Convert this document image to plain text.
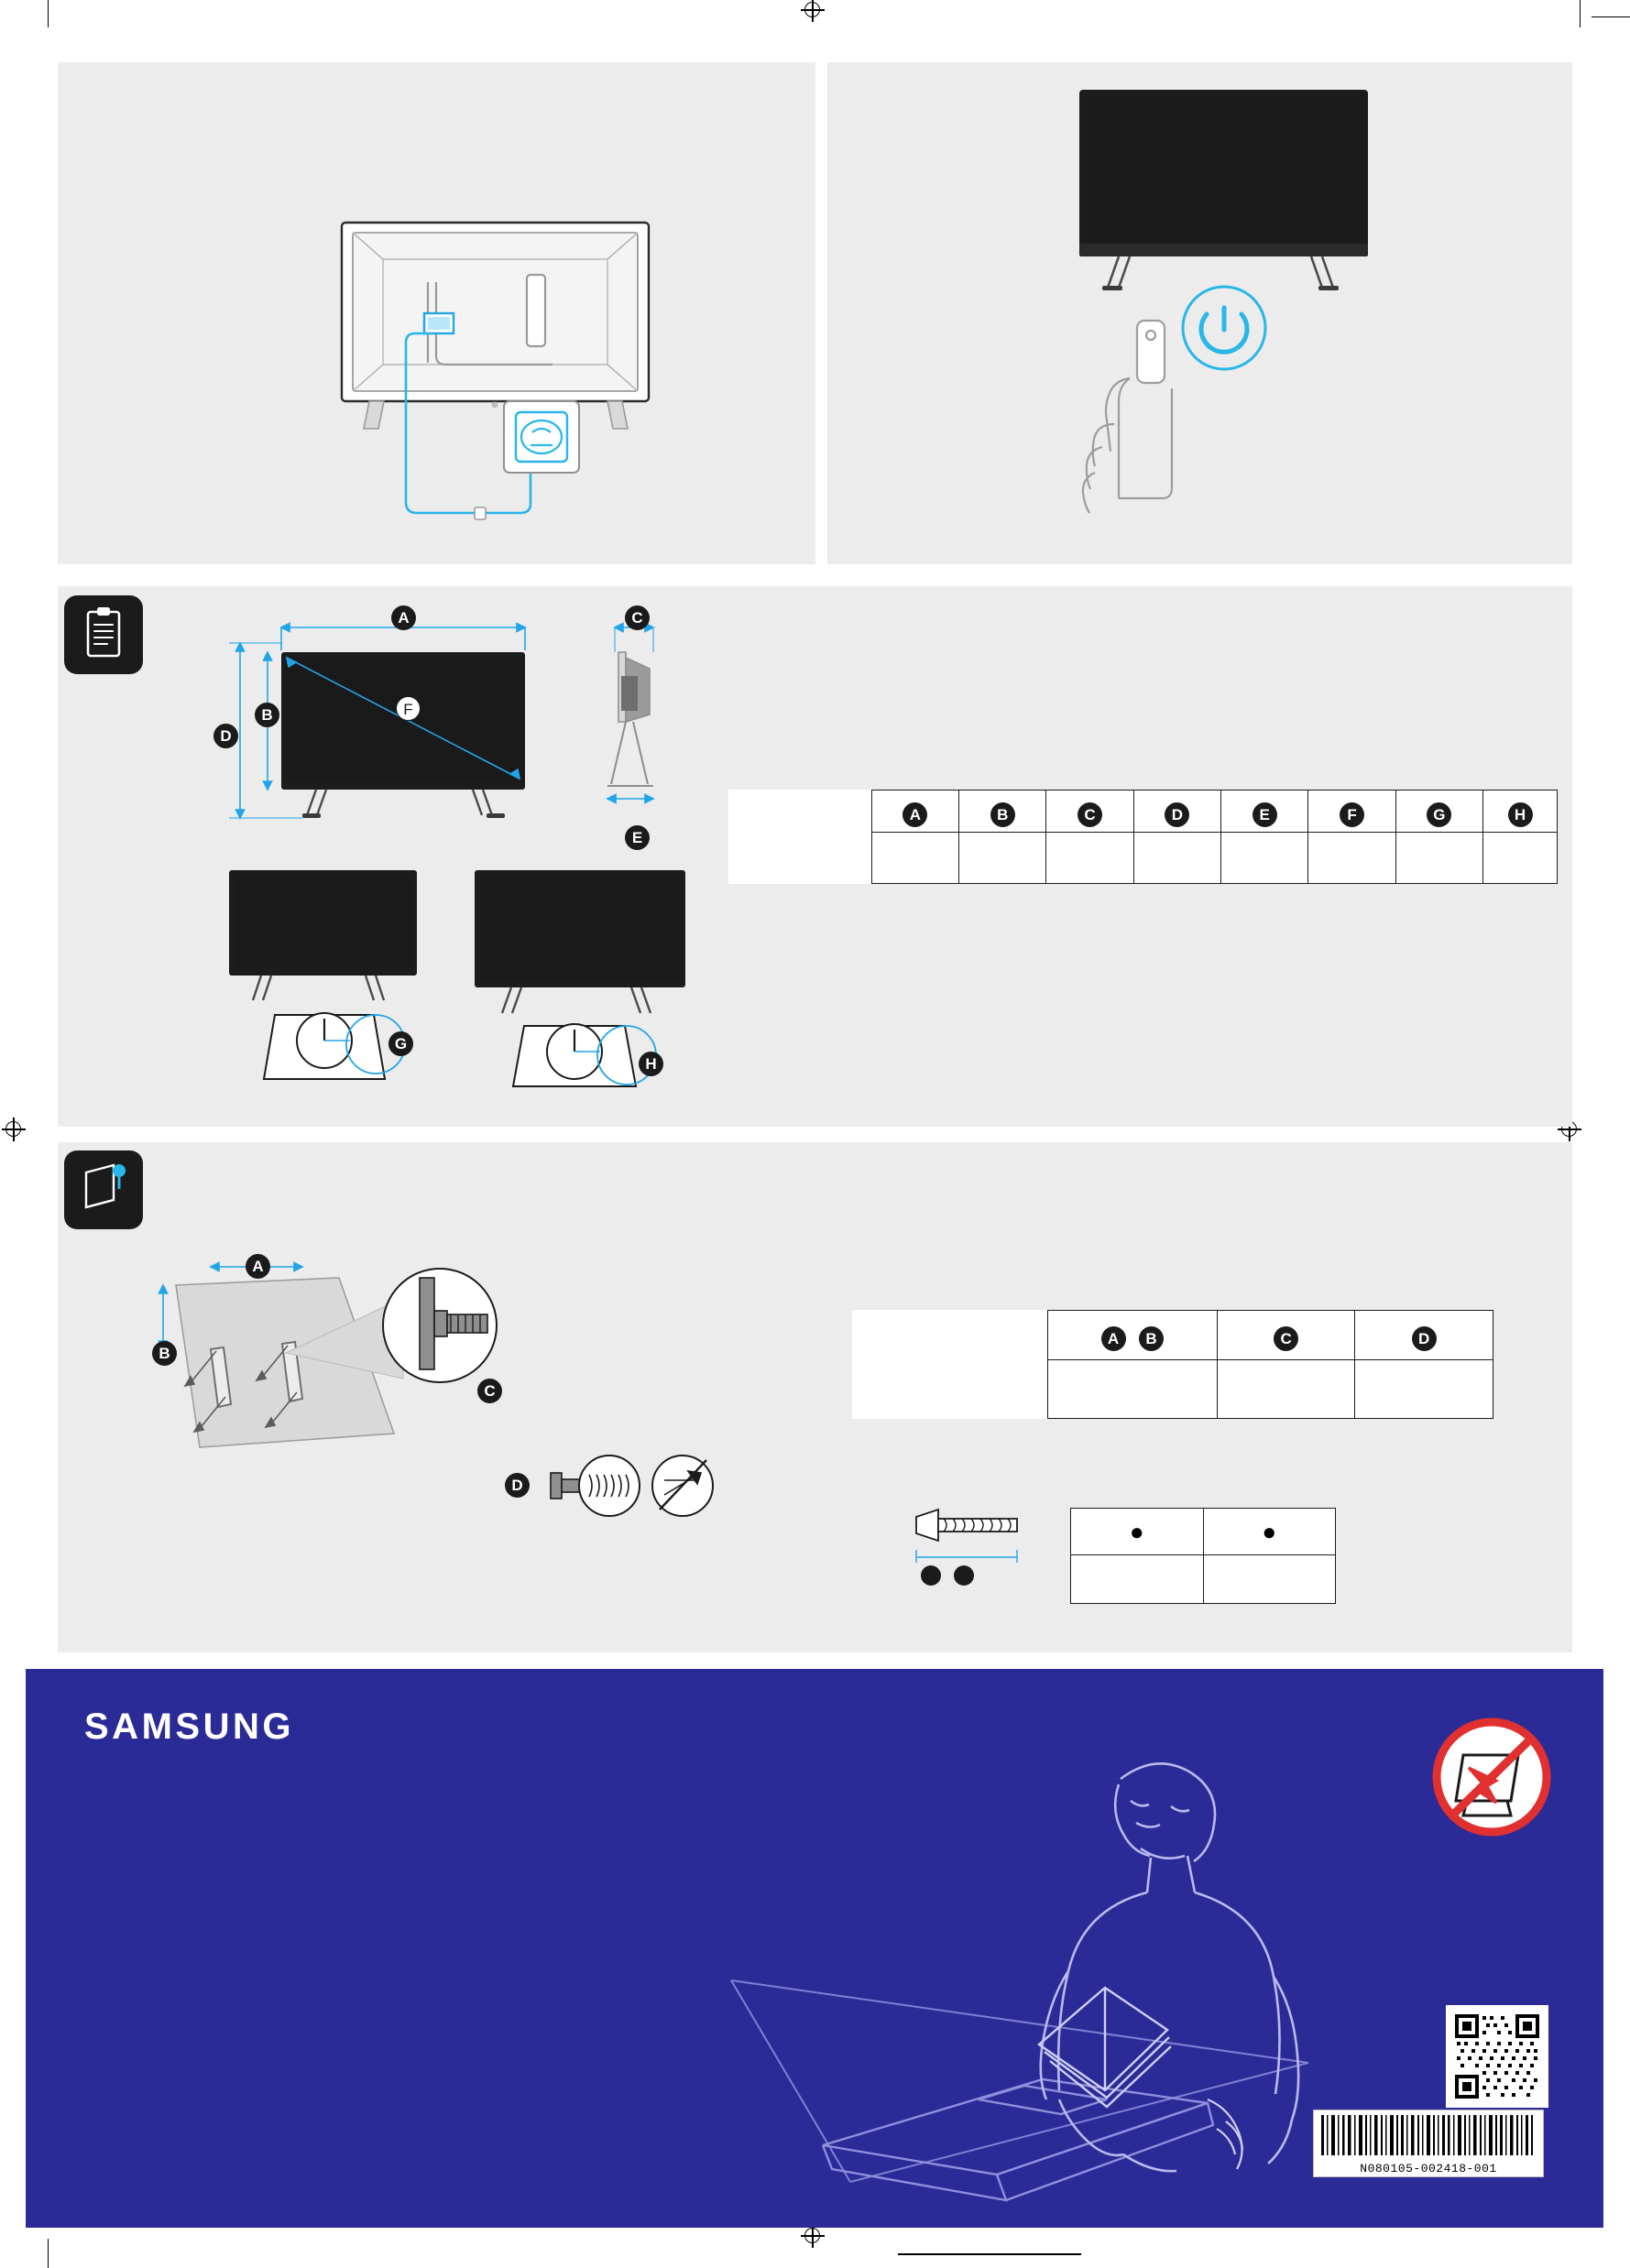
A
B	F
D
C
E
G
H
	A	B	C	D	E	F	G	H

A
B
C
D
	A B	C	D

●	●

SAMSUNG
N080105-002418-001
